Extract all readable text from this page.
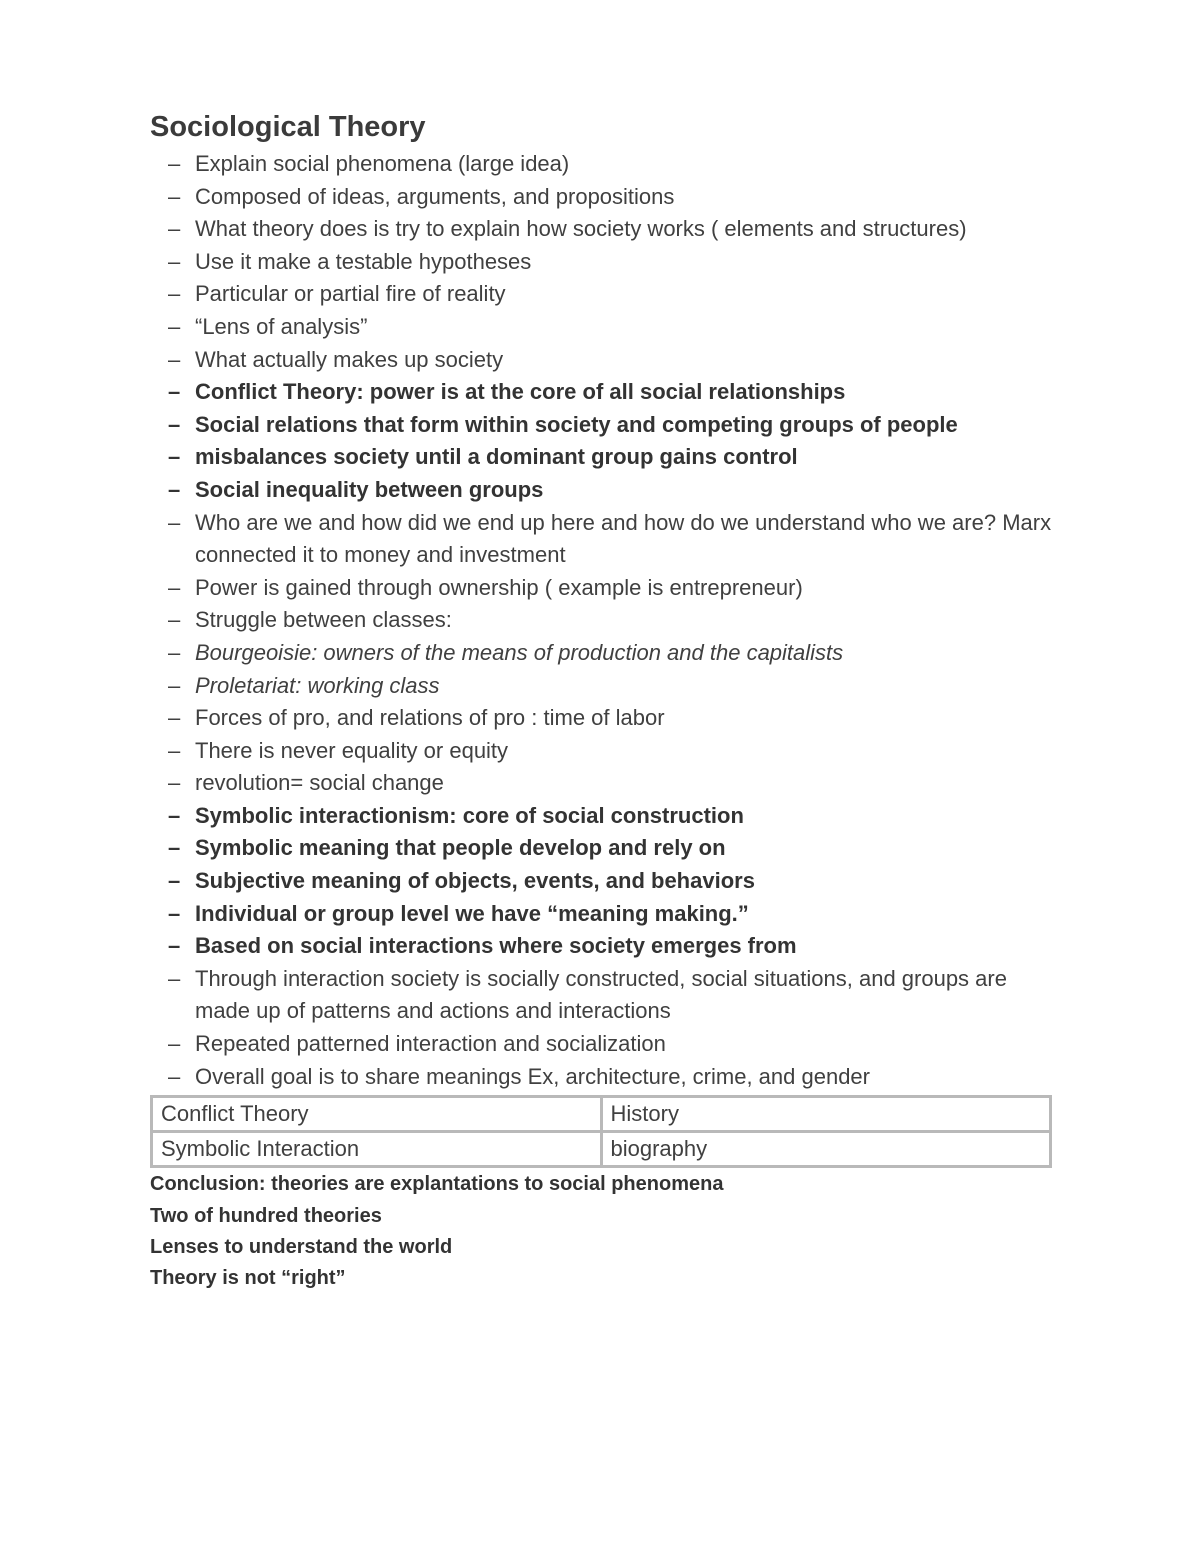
Sociological Theory
– Explain social phenomena (large idea)
– Composed of ideas, arguments, and propositions
– What theory does is try to explain how society works ( elements and structures)
– Use it make a testable hypotheses
– Particular or partial fire of reality
– “Lens of analysis”
– What actually makes up society
– Conflict Theory: power is at the core of all social relationships
– Social relations that form within society and competing groups of people
– misbalances society until a dominant group gains control
– Social inequality between groups
– Who are we and how did we end up here and how do we understand who we are? Marx connected it to money and investment
– Power is gained through ownership ( example is entrepreneur)
– Struggle between classes:
– Bourgeoisie: owners of the means of production and the capitalists
– Proletariat: working class
– Forces of pro, and relations of pro : time of labor
– There is never equality or equity
– revolution= social change
– Symbolic interactionism: core of social construction
– Symbolic meaning that people develop and rely on
– Subjective meaning of objects, events, and behaviors
– Individual or group level we have “meaning making.”
– Based on social interactions where society emerges from
– Through interaction society is socially constructed, social situations, and groups are made up of patterns and actions and interactions
– Repeated patterned interaction and socialization
– Overall goal is to share meanings Ex, architecture, crime, and gender
Conflict Theory	History
Symbolic Interaction	biography

Conclusion: theories are explantations to social phenomena

Two of hundred theories

Lenses to understand the world

Theory is not “right”
